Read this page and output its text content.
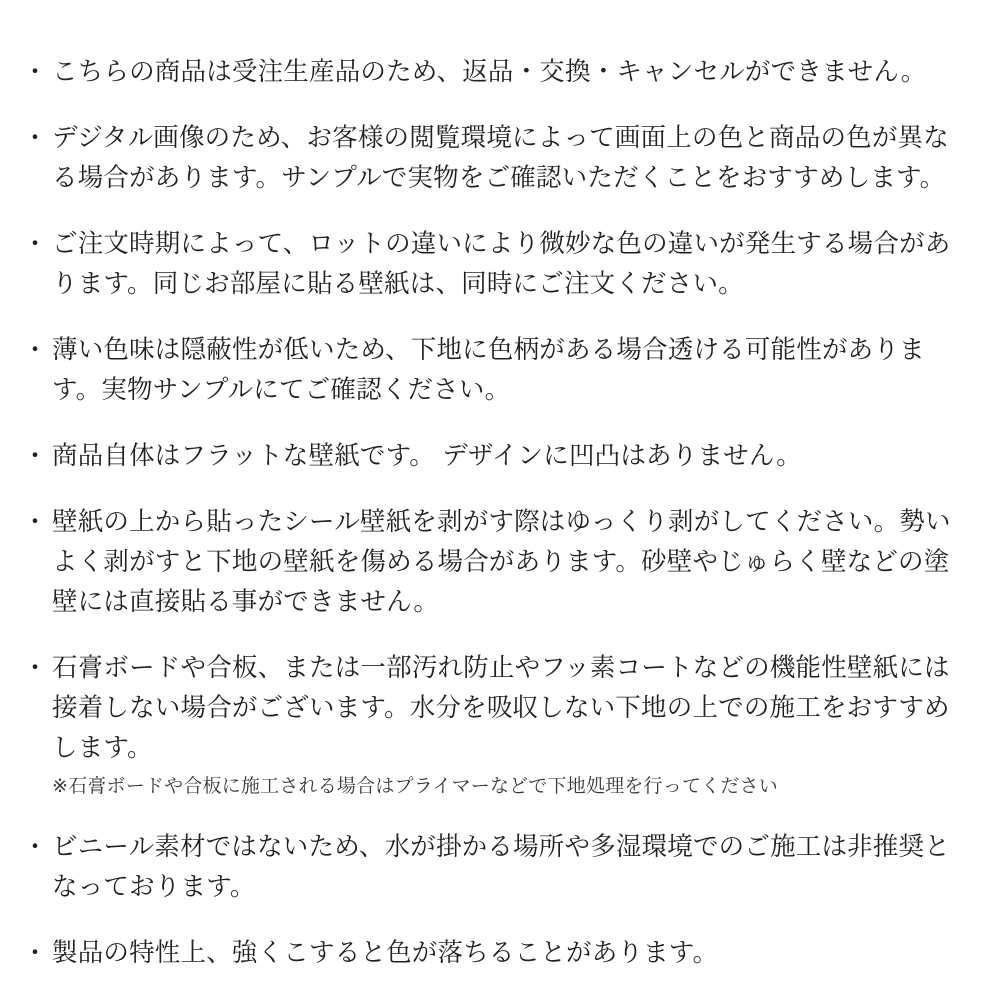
・ こちらの商品は受注生産品のため、返品・交換・キャンセルができません。
・ デジタル画像のため、お客様の閲覧環境によって画面上の色と商品の色が異なる場合があります。サンプルで実物をご確認いただくことをおすすめします。
・ ご注文時期によって、ロットの違いにより微妙な色の違いが発生する場合があります。同じお部屋に貼る壁紙は、同時にご注文ください。
・ 薄い色味は隠蔽性が低いため、下地に色柄がある場合透ける可能性があります。実物サンプルにてご確認ください。
・ 商品自体はフラットな壁紙です。 デザインに凹凸はありません。
・ 壁紙の上から貼ったシール壁紙を剥がす際はゆっくり剥がしてください。勢いよく剥がすと下地の壁紙を傷める場合があります。砂壁やじゅらく壁などの塗壁には直接貼る事ができません。
・ 石膏ボードや合板、または一部汚れ防止やフッ素コートなどの機能性壁紙には接着しない場合がございます。水分を吸収しない下地の上での施工をおすすめします。
※石膏ボードや合板に施工される場合はプライマーなどで下地処理を行ってください
・ ビニール素材ではないため、水が掛かる場所や多湿環境でのご施工は非推奨となっております。
・ 製品の特性上、強くこすると色が落ちることがあります。
